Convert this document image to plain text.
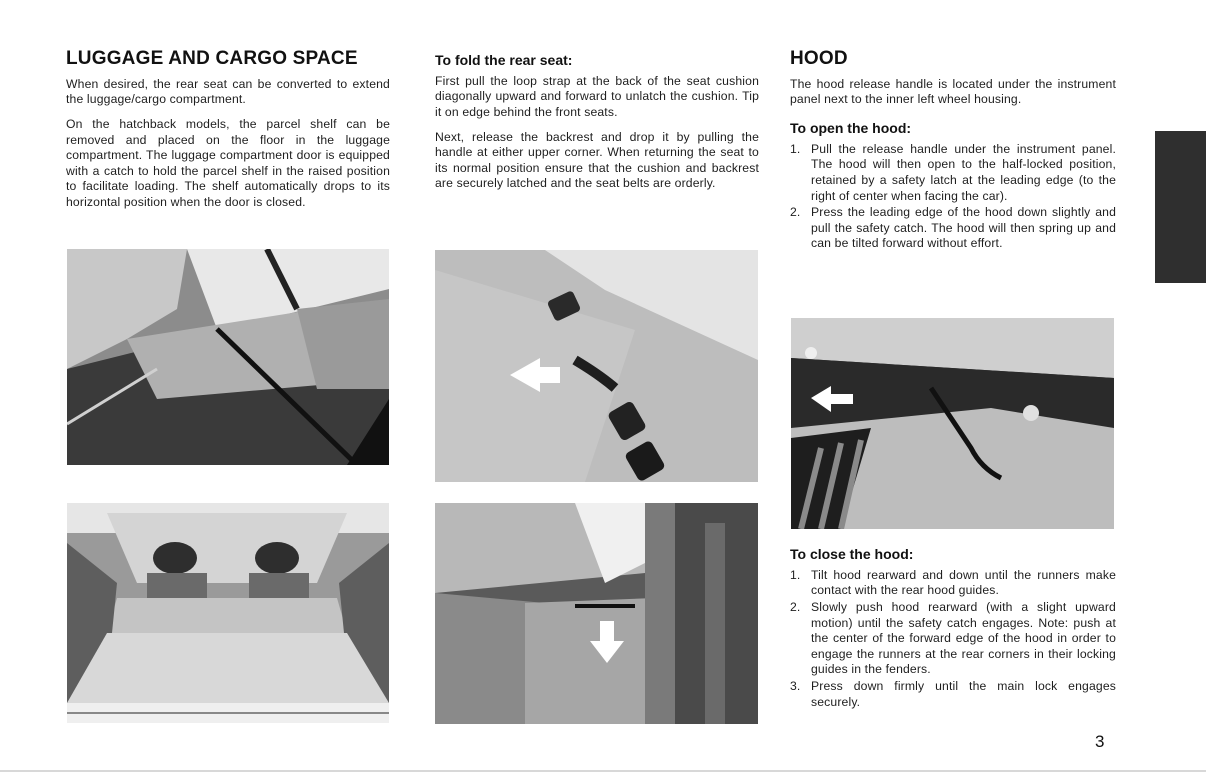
LUGGAGE AND CARGO SPACE

When desired, the rear seat can be converted to extend the luggage/cargo compartment.

On the hatchback models, the parcel shelf can be removed and placed on the floor in the luggage compartment. The luggage compartment door is equipped with a catch to hold the parcel shelf in the raised position to facilitate loading. The shelf automatically drops to its horizontal position when the door is closed.

To fold the rear seat:

First pull the loop strap at the back of the seat cushion diagonally upward and forward to unlatch the cushion. Tip it on edge behind the front seats.

Next, release the backrest and drop it by pulling the handle at either upper corner. When returning the seat to its normal position ensure that the cushion and backrest are securely latched and the seat belts are orderly.

HOOD

The hood release handle is located under the instrument panel next to the inner left wheel housing.

To open the hood:
1. Pull the release handle under the instrument panel. The hood will then open to the half-locked position, retained by a safety latch at the leading edge (to the right of center when facing the car).
2. Press the leading edge of the hood down slightly and pull the safety catch. The hood will then spring up and can be tilted forward without effort.
To close the hood:
1. Tilt hood rearward and down until the runners make contact with the rear hood guides.
2. Slowly push hood rearward (with a slight upward motion) until the safety catch engages. Note: push at the center of the forward edge of the hood in order to engage the runners at the rear corners in their locking guides in the fenders.
3. Press down firmly until the main lock engages securely.
3
